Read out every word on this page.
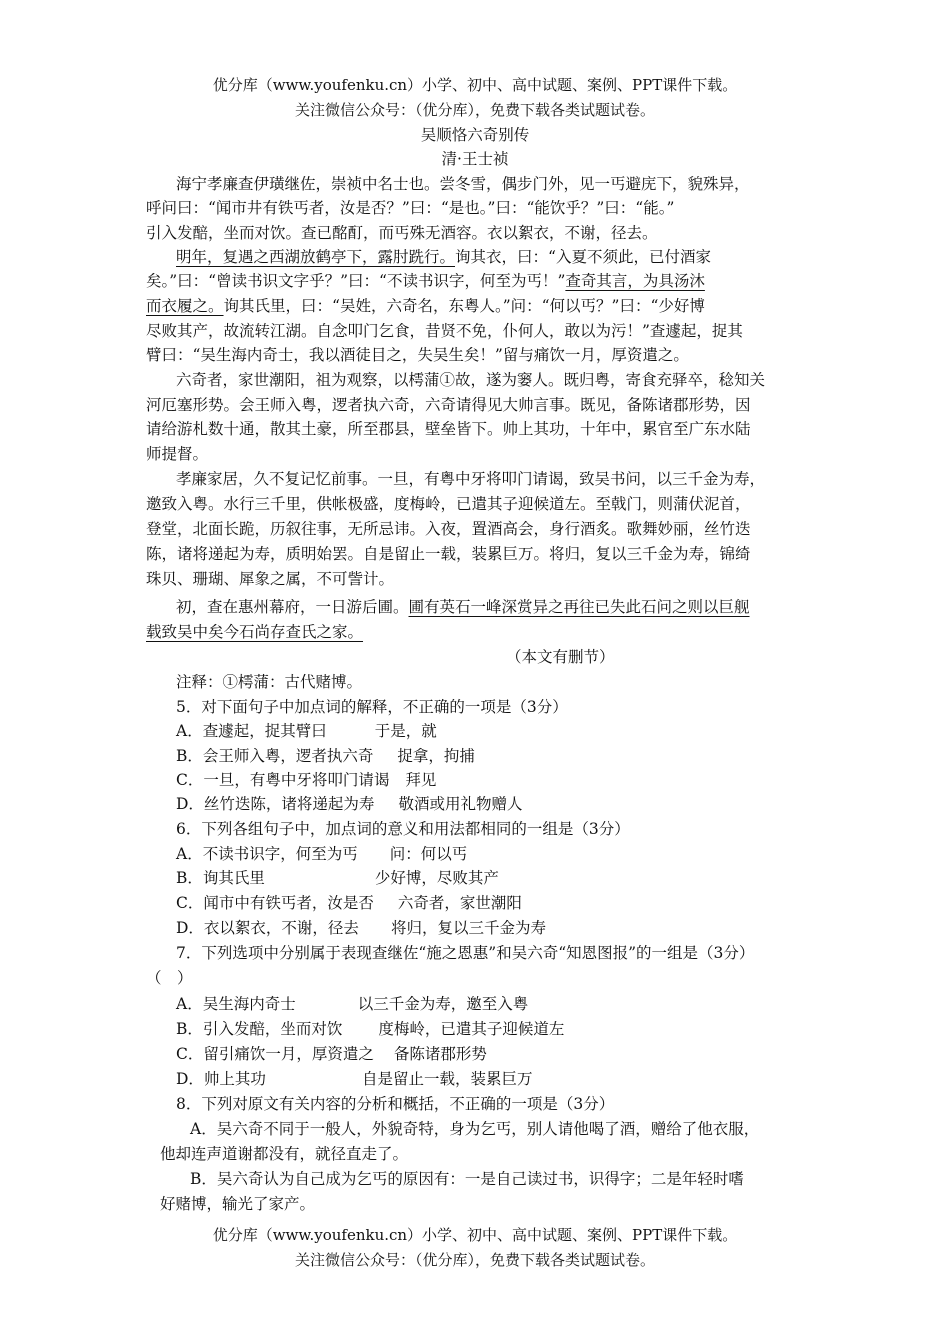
优分库（www.youfenku.cn）小学、初中、高中试题、案例、PPT课件下载。
关注微信公众号：（优分库），免费下载各类试题试卷。
吴顺恪六奇别传
清·王士祯
海宁孝廉查伊璜继佐，崇祯中名士也。尝冬雪，偶步门外，见一丐避庑下，貌殊异，
呼问曰：“闻市井有铁丐者，汝是否？”曰：“是也。”曰：“能饮乎？”曰：“能。”
引入发醅，坐而对饮。查已酩酊，而丐殊无酒容。衣以絮衣，不谢，径去。
明年，复遇之西湖放鹤亭下，露肘跣行。询其衣，曰：“入夏不须此，已付酒家
矣。”曰：“曾读书识文字乎？”曰：“不读书识字，何至为丐！”查奇其言，为具汤沐
而衣履之。询其氏里，曰：“吴姓，六奇名，东粤人。”问：“何以丐？”曰：“少好博
尽败其产，故流转江湖。自念叩门乞食，昔贤不免，仆何人，敢以为污！”查遽起，捉其
臂曰：“吴生海内奇士，我以酒徒目之，失吴生矣！”留与痛饮一月，厚资遣之。
六奇者，家世潮阳，祖为观察，以樗蒲①故，遂为窭人。既归粤，寄食充驿卒，稔知关
河厄塞形势。会王师入粤，逻者执六奇，六奇请得见大帅言事。既见，备陈诸郡形势，因
请给游札数十通，散其土豪，所至郡县，壁垒皆下。帅上其功，十年中，累官至广东水陆
师提督。
孝廉家居，久不复记忆前事。一旦，有粤中牙将叩门请谒，致吴书问，以三千金为寿，
邀致入粤。水行三千里，供帐极盛，度梅岭，已遣其子迎候道左。至戟门，则蒲伏泥首，
登堂，北面长跪，历叙往事，无所忌讳。入夜，置酒高会，身行酒炙。歌舞妙丽，丝竹迭
陈，诸将递起为寿，质明始罢。自是留止一载，装累巨万。将归，复以三千金为寿，锦绮
珠贝、珊瑚、犀象之属，不可訾计。
初，查在惠州幕府，一日游后圃。圃有英石一峰深赏异之再往已失此石问之则以巨舰
载致吴中矣今石尚存查氏之家。
（本文有删节）
注释：①樗蒲：古代赌博。
5．对下面句子中加点词的解释，不正确的一项是（3分）
A．查遽起，捉其臂曰	于是，就
B．会王师入粤，逻者执六奇 捉拿，拘捕
C．一旦，有粤中牙将叩门请谒 拜见
D．丝竹迭陈，诸将递起为寿 敬酒或用礼物赠人
6．下列各组句子中，加点词的意义和用法都相同的一组是（3分）
A．不读书识字，何至为丐 问：何以丐
B．询其氏里	少好博，尽败其产
C．闻市中有铁丐者，汝是否 六奇者，家世潮阳
D．衣以絮衣，不谢，径去 将归，复以三千金为寿
7．下列选项中分别属于表现查继佐“施之恩惠”和吴六奇“知恩图报”的一组是（3分）
（　）
A．吴生海内奇士	以三千金为寿，邀至入粤
B．引入发醅，坐而对饮 度梅岭，已遣其子迎候道左
C．留引痛饮一月，厚资遣之 备陈诸郡形势
D．帅上其功	自是留止一载，装累巨万
8．下列对原文有关内容的分析和概括，不正确的一项是（3分）
A．吴六奇不同于一般人，外貌奇特，身为乞丐，别人请他喝了酒，赠给了他衣服，
他却连声道谢都没有，就径直走了。
B．吴六奇认为自己成为乞丐的原因有：一是自己读过书，识得字；二是年轻时嗜
好赌博，输光了家产。
优分库（www.youfenku.cn）小学、初中、高中试题、案例、PPT课件下载。
关注微信公众号：（优分库），免费下载各类试题试卷。
